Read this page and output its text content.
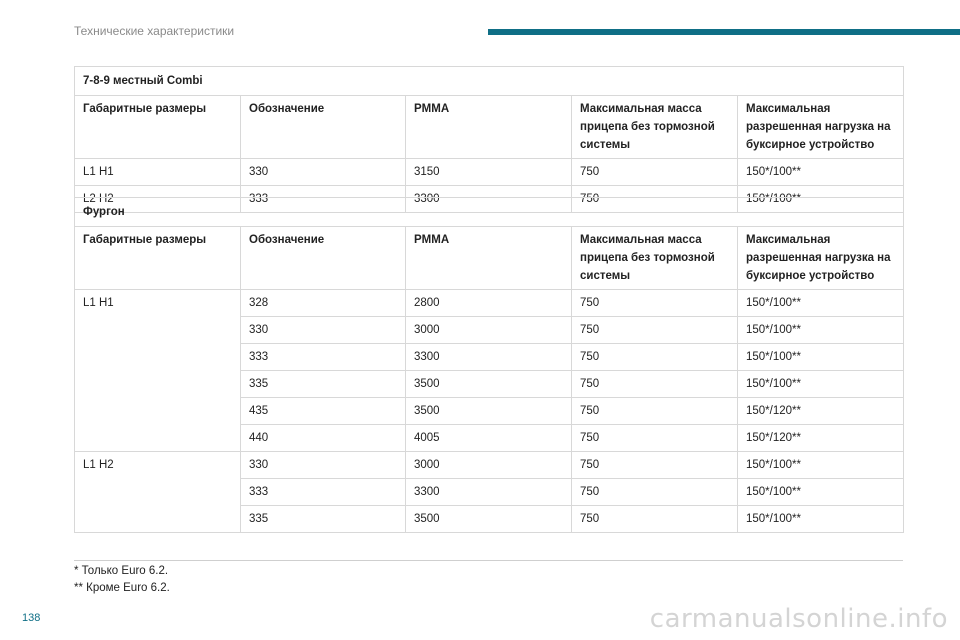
Технические характеристики
7-8-9 местный Combi				
Габаритные размеры	Обозначение	PMMA	Максимальная масса прицепа без тормозной системы	Максимальная разрешенная нагрузка на буксирное устройство
L1 H1	330	3150	750	150*/100**
L2 H2	333	3300	750	150*/100**
Фургон				
Габаритные размеры	Обозначение	PMMA	Максимальная масса прицепа без тормозной системы	Максимальная разрешенная нагрузка на буксирное устройство
L1 H1	328	2800	750	150*/100**
	330	3000	750	150*/100**
	333	3300	750	150*/100**
	335	3500	750	150*/100**
	435	3500	750	150*/120**
	440	4005	750	150*/120**
L1 H2	330	3000	750	150*/100**
	333	3300	750	150*/100**
	335	3500	750	150*/100**
* Только Euro 6.2.
** Кроме Euro 6.2.
138	carmanualsonline.info
